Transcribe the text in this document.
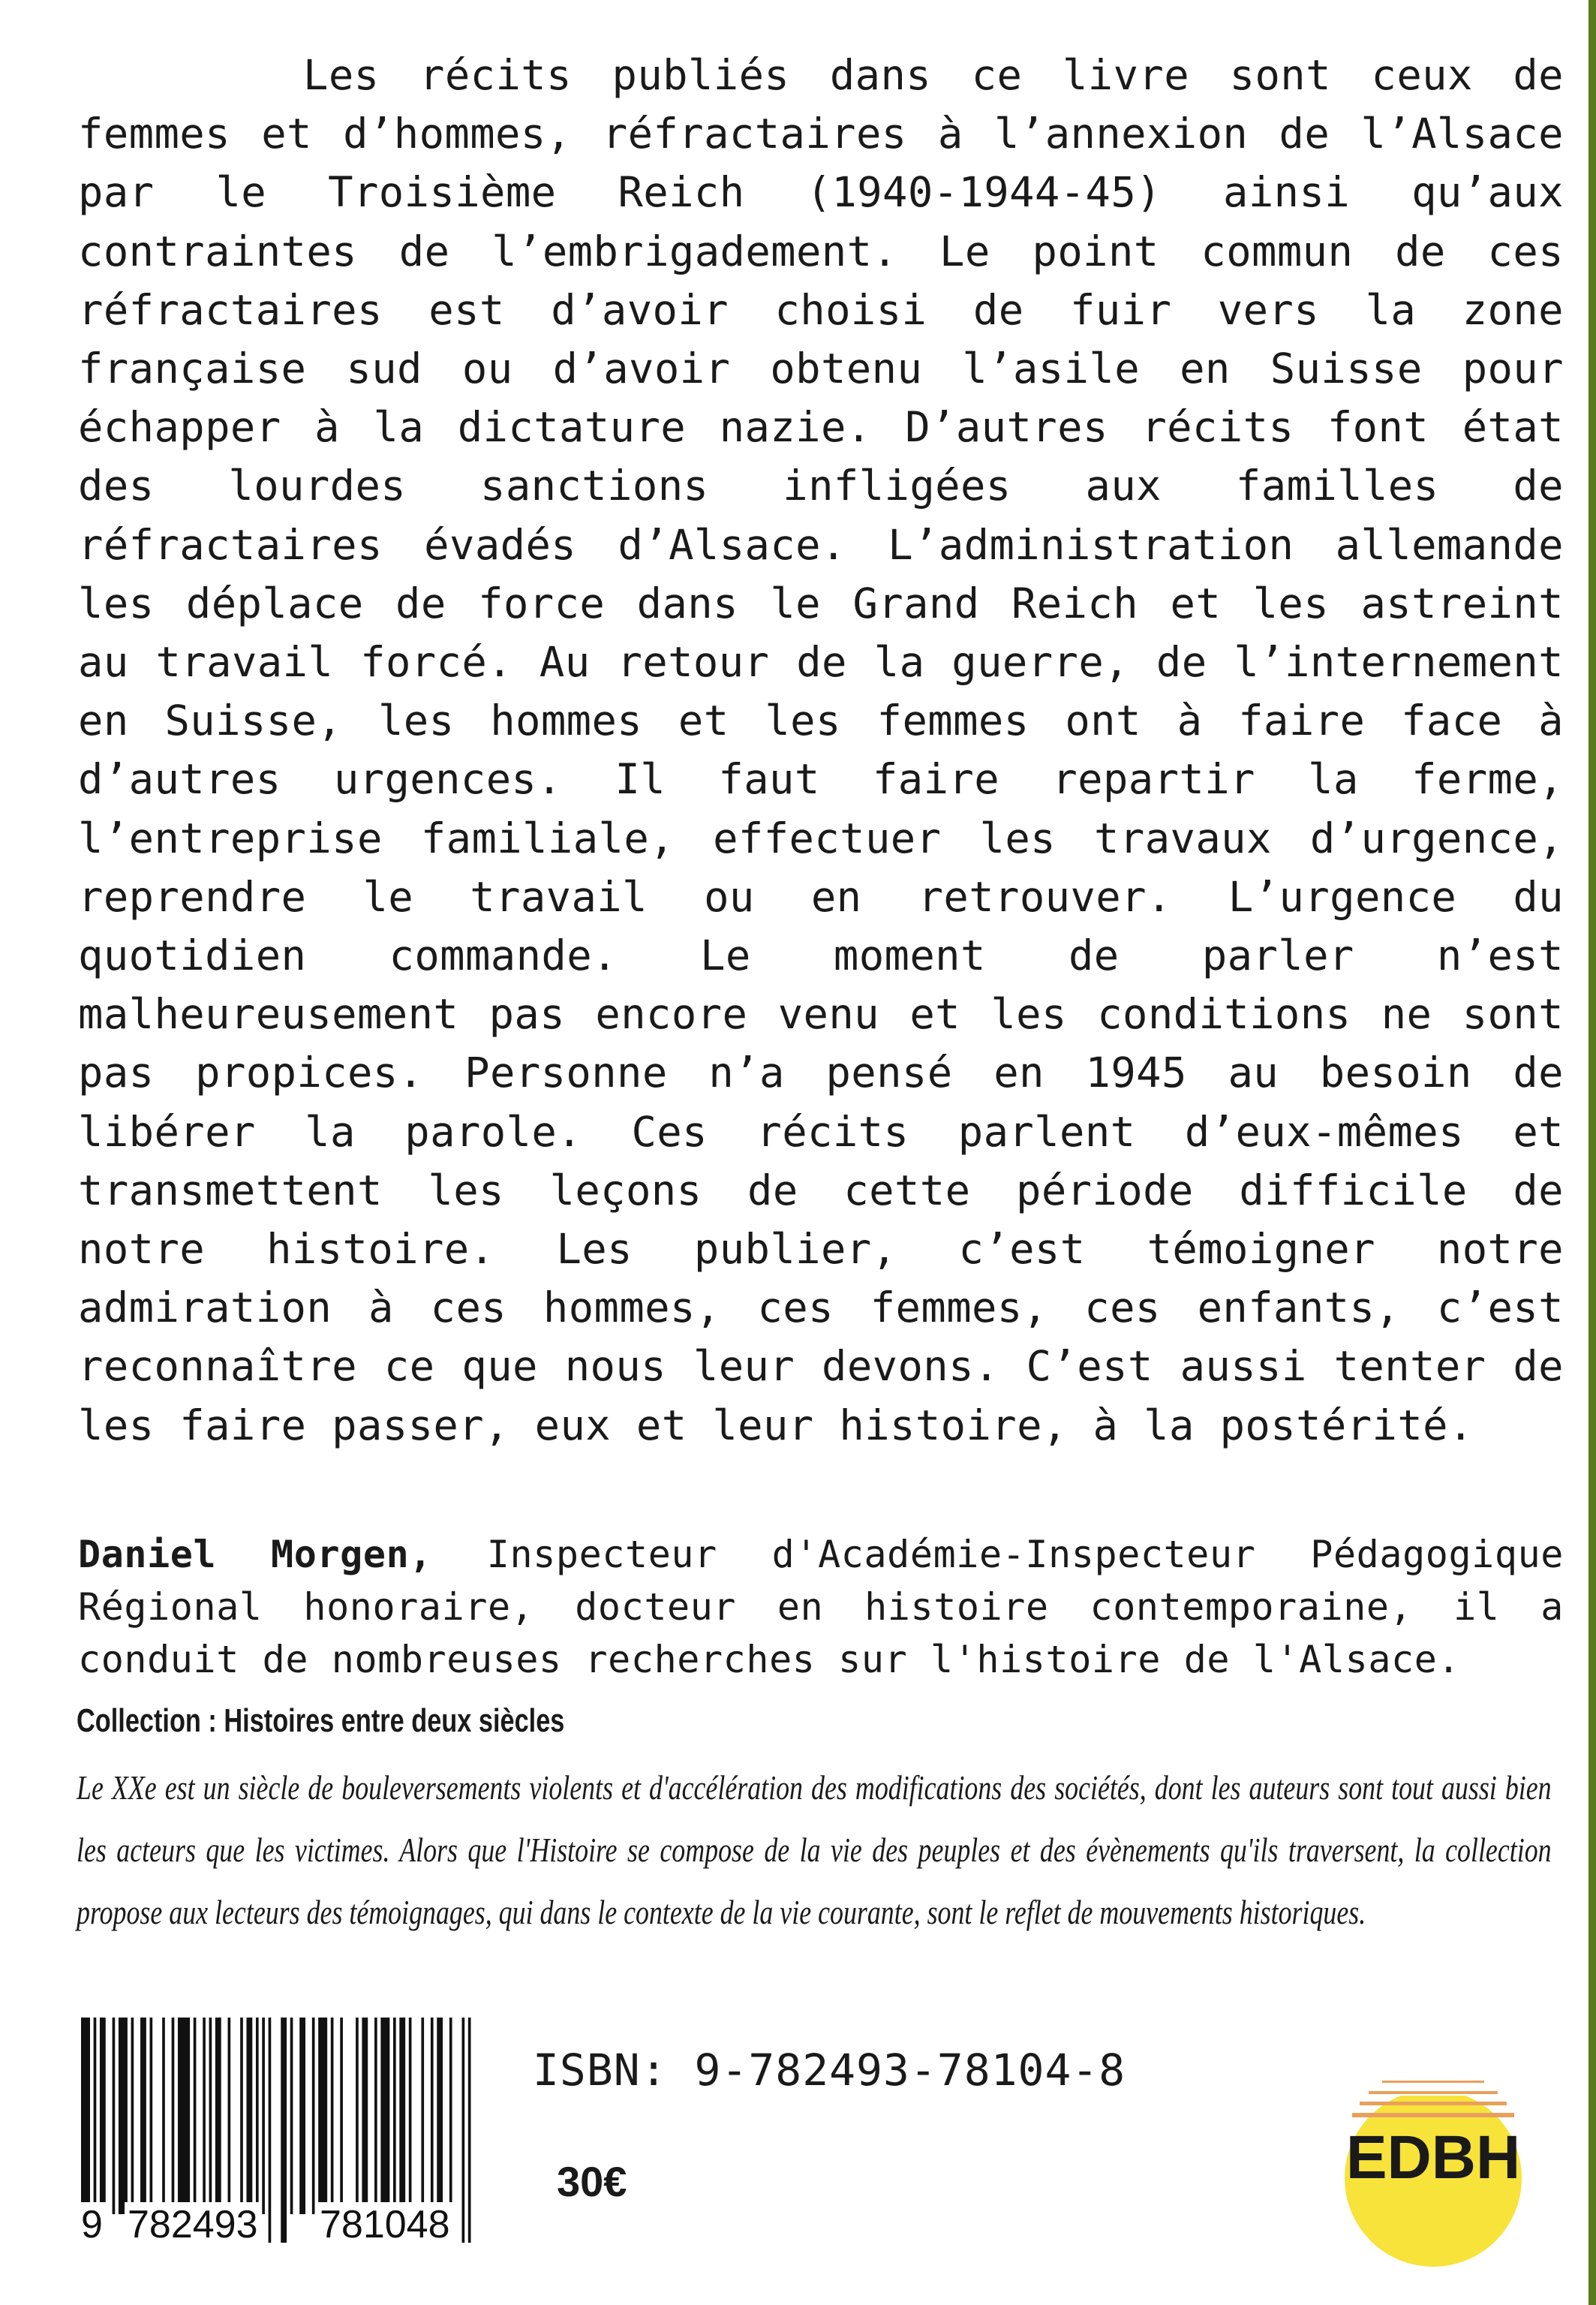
Les récits publiés dans ce livre sont ceux de femmes et d’hommes, réfractaires à l’annexion de l’Alsace par le Troisième Reich (1940-1944-45) ainsi qu’aux contraintes de l’embrigadement. Le point commun de ces réfractaires est d’avoir choisi de fuir vers la zone française sud ou d’avoir obtenu l’asile en Suisse pour échapper à la dictature nazie. D’autres récits font état des lourdes sanctions infligées aux familles de réfractaires évadés d’Alsace. L’administration allemande les déplace de force dans le Grand Reich et les astreint au travail forcé. Au retour de la guerre, de l’internement en Suisse, les hommes et les femmes ont à faire face à d’autres urgences. Il faut faire repartir la ferme, l’entreprise familiale, effectuer les travaux d’urgence, reprendre le travail ou en retrouver. L’urgence du quotidien commande. Le moment de parler n’est malheureusement pas encore venu et les conditions ne sont pas propices. Personne n’a pensé en 1945 au besoin de libérer la parole. Ces récits parlent d’eux-mêmes et transmettent les leçons de cette période difficile de notre histoire. Les publier, c’est témoigner notre admiration à ces hommes, ces femmes, ces enfants, c’est reconnaître ce que nous leur devons. C’est aussi tenter de les faire passer, eux et leur histoire, à la postérité.

Daniel Morgen, Inspecteur d'Académie-Inspecteur Pédagogique Régional honoraire, docteur en histoire contemporaine, il a conduit de nombreuses recherches sur l'histoire de l'Alsace.

Collection : Histoires entre deux siècles

Le XXe est un siècle de bouleversements violents et d'accélération des modifications des sociétés, dont les auteurs sont tout aussi bien les acteurs que les victimes. Alors que l'Histoire se compose de la vie des peuples et des évènements qu'ils traversent, la collection propose aux lecteurs des témoignages, qui dans le contexte de la vie courante, sont le reflet de mouvements historiques.

9 782493 781048
ISBN: 9-782493-78104-8
30€	EDBH
